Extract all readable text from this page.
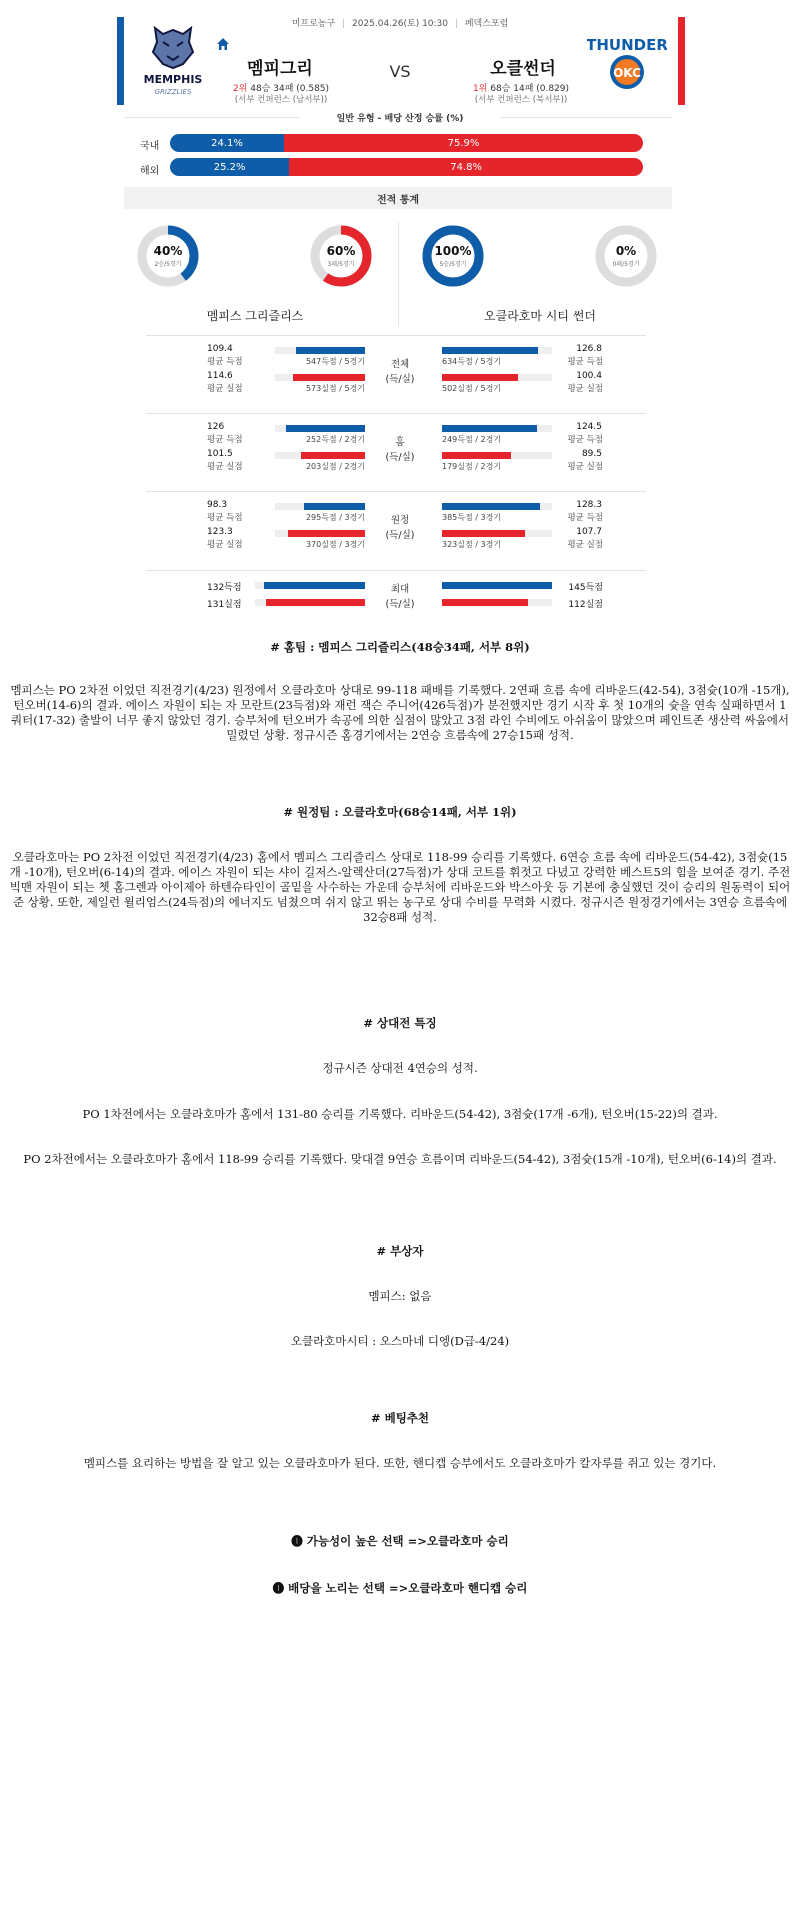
MEMPHIS
GRIZZLIES
THUNDER
OKC
미프로농구 | 2025.04.26(토) 10:30 | 페덱스포럼
멤피그리	오클썬더
VS
2위 48승 34패 (0.585)
(서부 컨퍼런스 (남서부))
1위 68승 14패 (0.829)
(서부 컨퍼런스 (북서부))
일반 유형 - 배당 산정 승률 (%)
국내	24.1%	75.9%
해외	25.2%	74.8%
전적 통계
40%
2승/5경기
60%
3패/5경기
100%
5승/5경기
0%
0패/5경기
멤피스 그리즐리스	오클라호마 시티 썬더
109.4
평균 득점	547득점 / 5경기
126.8
평균 득점
634득점 / 5경기
114.6
평균 실점	573실점 / 5경기
100.4
평균 실점
502실점 / 5경기
전체
(득/실)
126
평균 득점	252득점 / 2경기
124.5
평균 득점
249득점 / 2경기
101.5
평균 실점	203실점 / 2경기
89.5
평균 실점
179실점 / 2경기
홈
(득/실)
98.3
평균 득점	295득점 / 3경기
128.3
평균 득점
385득점 / 3경기
123.3
평균 실점	370실점 / 3경기
107.7
평균 실점
323실점 / 3경기
원정
(득/실)
132득점	145득점
131실점	112실점
최대
(득/실)
# 홈팀 : 멤피스 그리즐리스(48승34패, 서부 8위)
멤피스는 PO 2차전 이었던 직전경기(4/23) 원정에서 오클라호마 상대로 99-118 패배를 기록했다. 2연패 흐름 속에 리바운드(42-54), 3점슛(10개 -15개), 턴오버(14-6)의 결과. 에이스 자원이 되는 자 모란트(23득점)와 재런 잭슨 주니어(426득점)가 분전했지만 경기 시작 후 첫 10개의 슛을 연속 실패하면서 1쿼터(17-32) 출발이 너무 좋지 않았던 경기. 승부처에 턴오버가 속공에 의한 실점이 많았고 3점 라인 수비에도 아쉬움이 많았으며 페인트존 생산력 싸움에서 밀렸던 상황. 정규시즌 홈경기에서는 2연승 흐름속에 27승15패 성적.
# 원정팀 : 오클라호마(68승14패, 서부 1위)
오클라호마는 PO 2차전 이었던 직전경기(4/23) 홈에서 멤피스 그리즐리스 상대로 118-99 승리를 기록했다. 6연승 흐름 속에 리바운드(54-42), 3점슛(15개 -10개), 턴오버(6-14)의 결과. 에이스 자원이 되는 샤이 길저스-알렉산더(27득점)가 상대 코트를 휘젓고 다녔고 강력한 베스트5의 힘을 보여준 경기. 주전 빅맨 자원이 되는 쳇 홈그렌과 아이제아 하텐슈타인이 골밑을 사수하는 가운데 승부처에 리바운드와 박스아웃 등 기본에 충실했던 것이 승리의 원동력이 되어준 상황. 또한, 제일런 윌리엄스(24득점)의 에너지도 넘쳤으며 쉬지 않고 뛰는 농구로 상대 수비를 무력화 시켰다. 정규시즌 원정경기에서는 3연승 흐름속에 32승8패 성적.
# 상대전 특징
정규시즌 상대전 4연승의 성적.
PO 1차전에서는 오클라호마가 홈에서 131-80 승리를 기록했다. 리바운드(54-42), 3점슛(17개 -6개), 턴오버(15-22)의 결과.
PO 2차전에서는 오클라호마가 홈에서 118-99 승리를 기록했다. 맞대결 9연승 흐름이며 리바운드(54-42), 3점슛(15개 -10개), 턴오버(6-14)의 결과.
# 부상자
멤피스: 없음
오클라호마시티 : 오스마네 디엥(D급-4/24)
# 베팅추천
멤피스를 요리하는 방법을 잘 알고 있는 오클라호마가 된다. 또한, 핸디캡 승부에서도 오클라호마가 칼자루를 쥐고 있는 경기다.
❶ 가능성이 높은 선택 =>오클라호마 승리
❶ 배당을 노리는 선택 =>오클라호마 핸디캡 승리
